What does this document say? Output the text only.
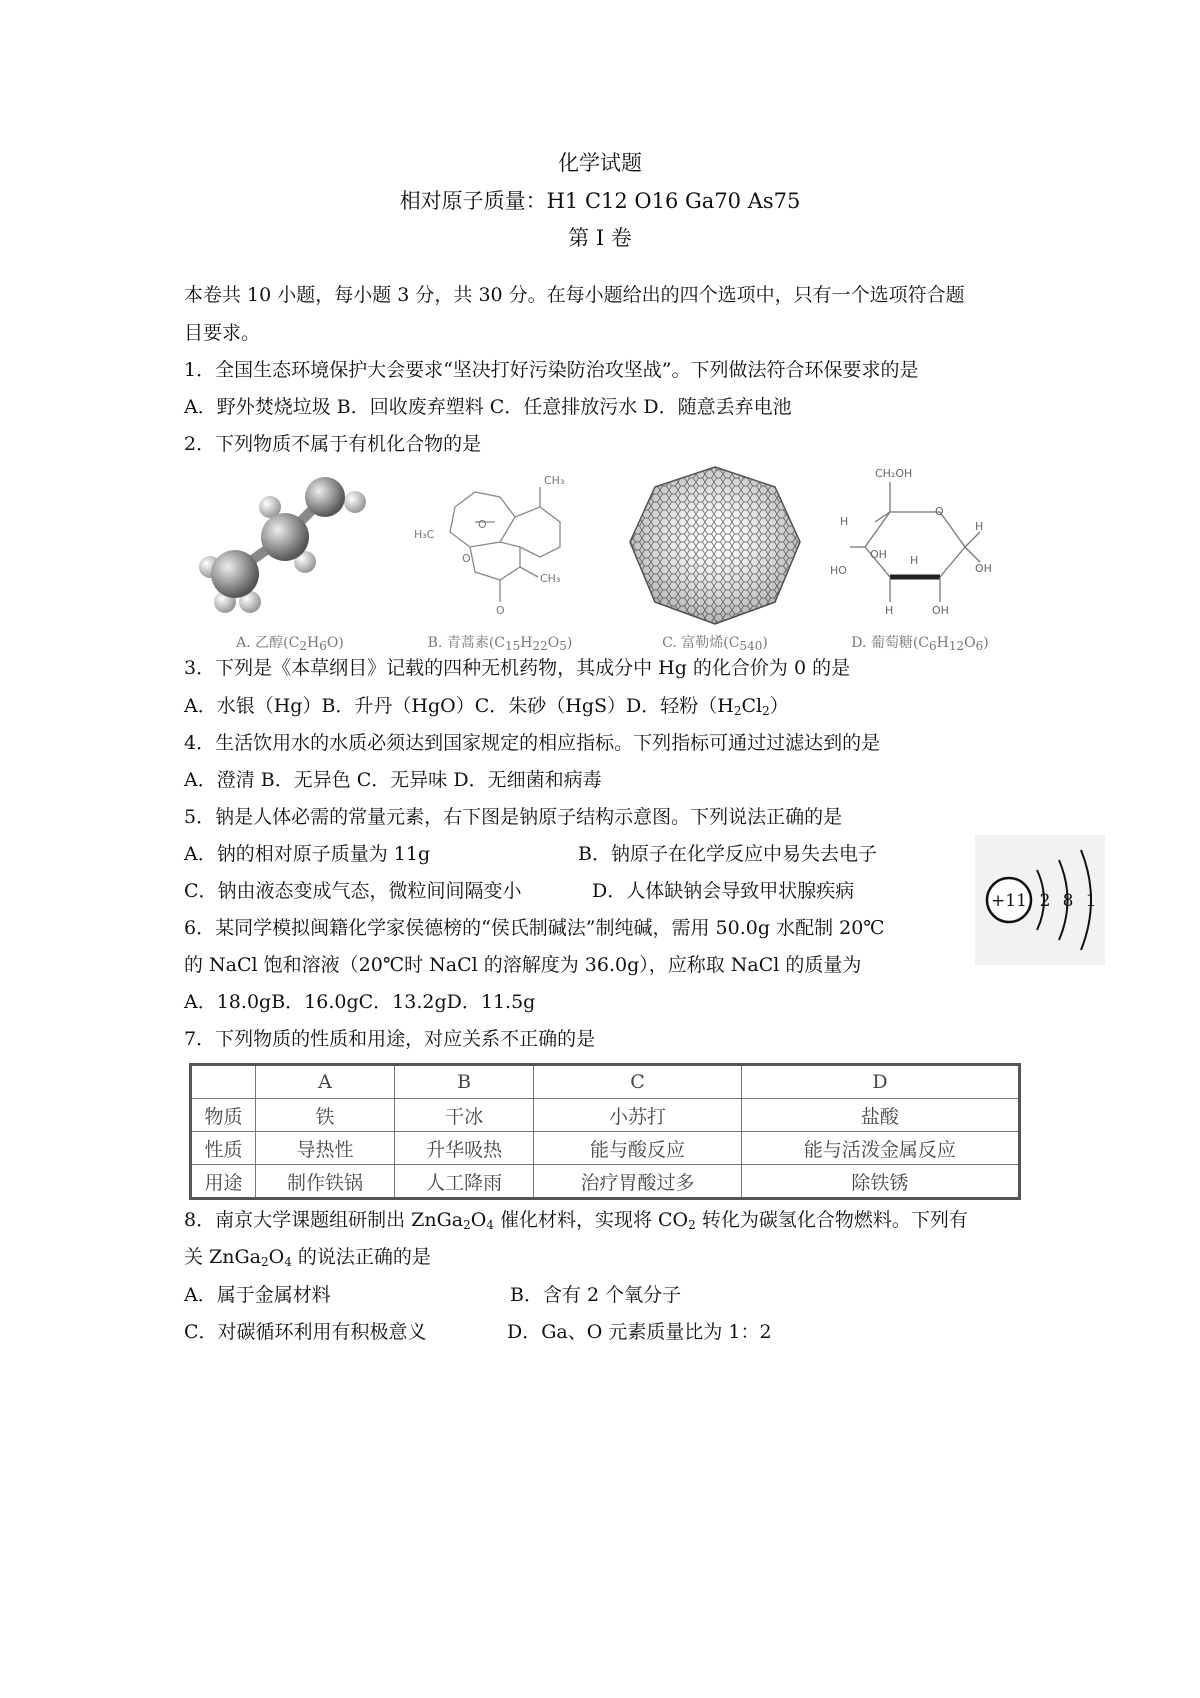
化学试题
相对原子质量：H1 C12 O16 Ga70 As75
第 I 卷
本卷共 10 小题，每小题 3 分，共 30 分。在每小题给出的四个选项中，只有一个选项符合题
目要求。
1．全国生态环境保护大会要求“坚决打好污染防治攻坚战”。下列做法符合环保要求的是
A．野外焚烧垃圾 B．回收废弃塑料 C．任意排放污水 D．随意丢弃电池
2．下列物质不属于有机化合物的是
A. 乙醇$(C_2H_6O)$
CH₃
H₃C
O
O
O
CH₃
B. 青蒿素$(C_{15}H_{22}O_5)$	C. 富勒烯$(C_{540})$
CH₂OH
O
H
HO
OH H
H
OH
H	OH
D. 葡萄糖$(C_6H_{12}O_6)$
3．下列是《本草纲目》记载的四种无机药物，其成分中 Hg 的化合价为 0 的是
A．水银（Hg）B．升丹（HgO）C．朱砂（HgS）D．轻粉$(H_2Cl_2)$
4．生活饮用水的水质必须达到国家规定的相应指标。下列指标可通过过滤达到的是
A．澄清 B．无异色 C．无异味 D．无细菌和病毒
5．钠是人体必需的常量元素，右下图是钠原子结构示意图。下列说法正确的是
A．钠的相对原子质量为 11g	B．钠原子在化学反应中易失去电子
C．钠由液态变成气态，微粒间间隔变小	D．人体缺钠会导致甲状腺疾病	+11 2 8 1
6．某同学模拟闽籍化学家侯德榜的“侯氏制碱法”制纯碱，需用 50.0g 水配制 20℃
的 NaCl 饱和溶液（20℃时 NaCl 的溶解度为 36.0g），应称取 NaCl 的质量为
A．18.0gB．16.0gC．13.2gD．11.5g
7．下列物质的性质和用途，对应关系不正确的是
	A	B	C	D
物质	铁	干冰	小苏打	盐酸
性质	导热性	升华吸热	能与酸反应	能与活泼金属反应
用途	制作铁锅	人工降雨	治疗胃酸过多	除铁锈
8．南京大学课题组研制出 $ZnGa_2O_4$ 催化材料，实现将 $CO_2$ 转化为碳氢化合物燃料。下列有
关 $ZnGa_2O_4$ 的说法正确的是
A．属于金属材料	B．含有 2 个氧分子
C．对碳循环利用有积极意义	D．Ga、O 元素质量比为 1：2
